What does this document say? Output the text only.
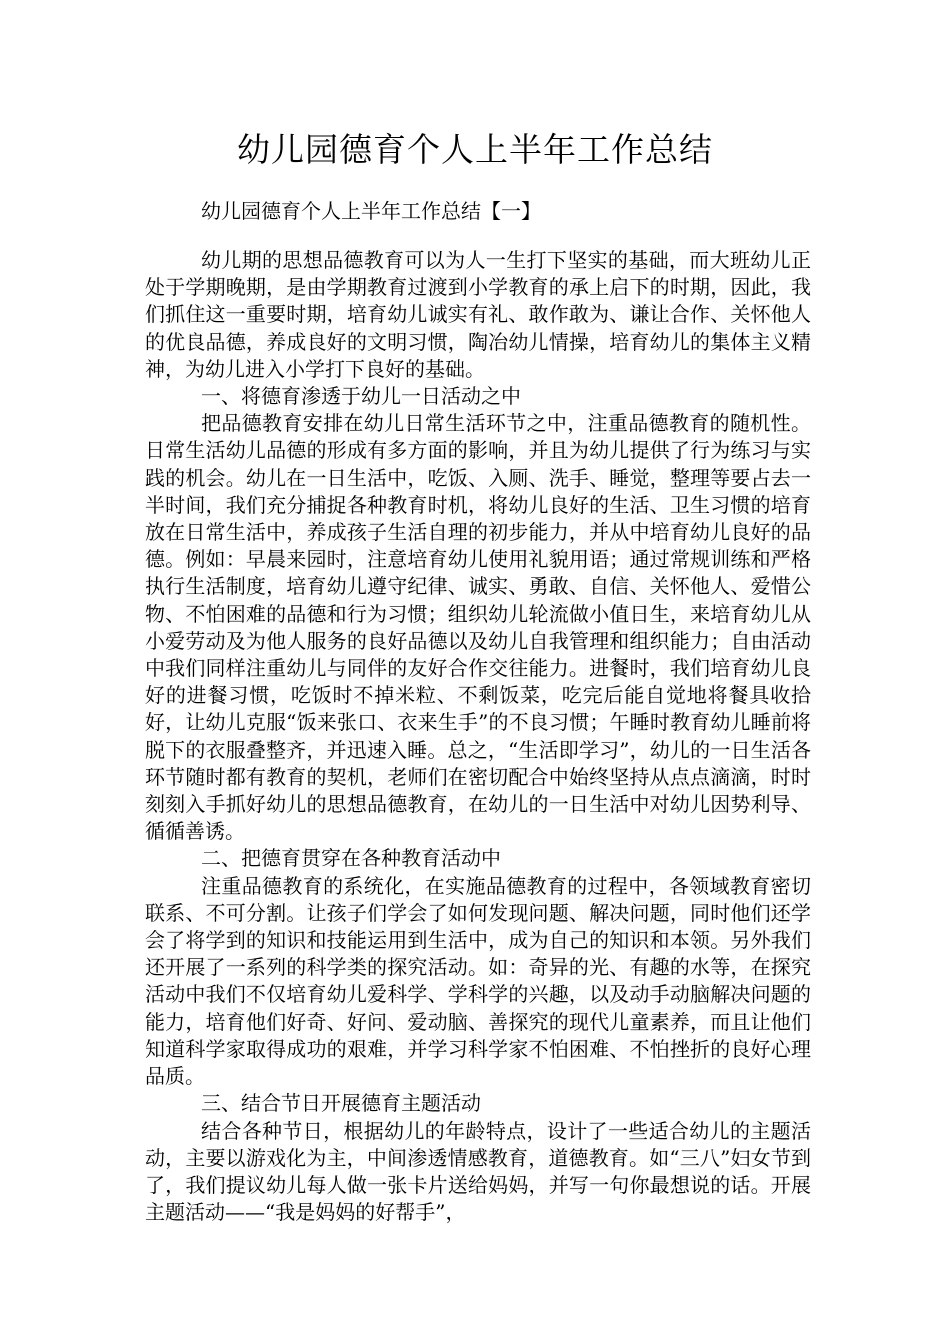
幼儿园德育个人上半年工作总结
幼儿园德育个人上半年工作总结【一】

幼儿期的思想品德教育可以为人一生打下坚实的基础，而大班幼儿正处于学期晚期，是由学期教育过渡到小学教育的承上启下的时期，因此，我们抓住这一重要时期，培育幼儿诚实有礼、敢作敢为、谦让合作、关怀他人的优良品德，养成良好的文明习惯，陶冶幼儿情操，培育幼儿的集体主义精神，为幼儿进入小学打下良好的基础。

一、将德育渗透于幼儿一日活动之中

把品德教育安排在幼儿日常生活环节之中，注重品德教育的随机性。日常生活幼儿品德的形成有多方面的影响，并且为幼儿提供了行为练习与实践的机会。幼儿在一日生活中，吃饭、入厕、洗手、睡觉，整理等要占去一半时间，我们充分捕捉各种教育时机，将幼儿良好的生活、卫生习惯的培育放在日常生活中，养成孩子生活自理的初步能力，并从中培育幼儿良好的品德。例如：早晨来园时，注意培育幼儿使用礼貌用语；通过常规训练和严格执行生活制度，培育幼儿遵守纪律、诚实、勇敢、自信、关怀他人、爱惜公物、不怕困难的品德和行为习惯；组织幼儿轮流做小值日生，来培育幼儿从小爱劳动及为他人服务的良好品德以及幼儿自我管理和组织能力；自由活动中我们同样注重幼儿与同伴的友好合作交往能力。进餐时，我们培育幼儿良好的进餐习惯，吃饭时不掉米粒、不剩饭菜，吃完后能自觉地将餐具收拾好，让幼儿克服“饭来张口、衣来生手”的不良习惯；午睡时教育幼儿睡前将脱下的衣服叠整齐，并迅速入睡。总之，“生活即学习”，幼儿的一日生活各环节随时都有教育的契机，老师们在密切配合中始终坚持从点点滴滴，时时刻刻入手抓好幼儿的思想品德教育，在幼儿的一日生活中对幼儿因势利导、循循善诱。

二、把德育贯穿在各种教育活动中

注重品德教育的系统化，在实施品德教育的过程中，各领域教育密切联系、不可分割。让孩子们学会了如何发现问题、解决问题，同时他们还学会了将学到的知识和技能运用到生活中，成为自己的知识和本领。另外我们还开展了一系列的科学类的探究活动。如：奇异的光、有趣的水等，在探究活动中我们不仅培育幼儿爱科学、学科学的兴趣，以及动手动脑解决问题的能力，培育他们好奇、好问、爱动脑、善探究的现代儿童素养，而且让他们知道科学家取得成功的艰难，并学习科学家不怕困难、不怕挫折的良好心理品质。

三、结合节日开展德育主题活动

结合各种节日，根据幼儿的年龄特点，设计了一些适合幼儿的主题活动，主要以游戏化为主，中间渗透情感教育，道德教育。如“三八”妇女节到了，我们提议幼儿每人做一张卡片送给妈妈，并写一句你最想说的话。开展主题活动——“我是妈妈的好帮手”，
